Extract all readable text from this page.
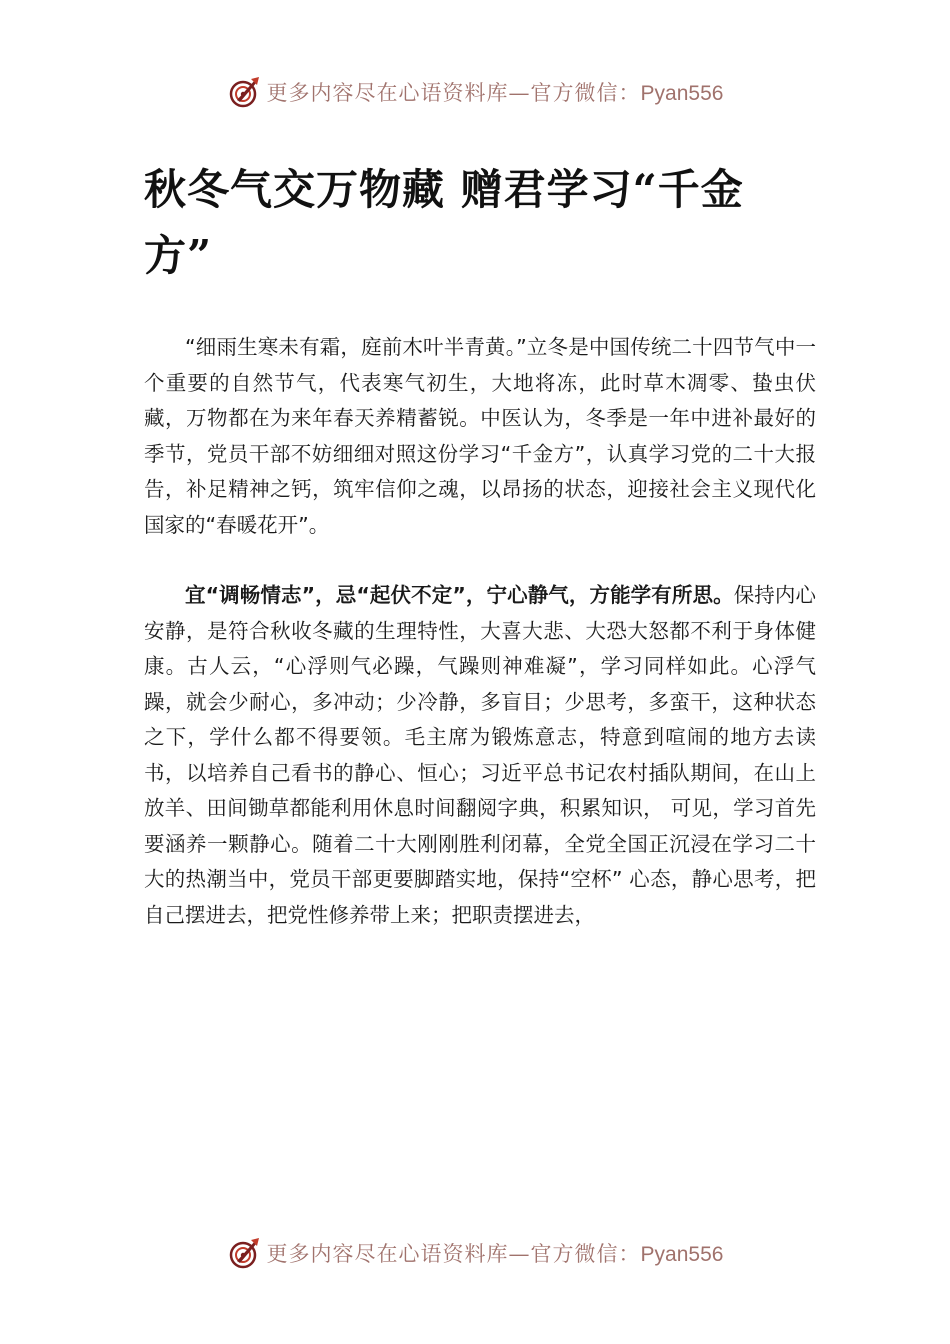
更多内容尽在心语资料库—官方微信：Pyan556
秋冬气交万物藏 赠君学习“千金方”

“细雨生寒未有霜，庭前木叶半青黄。”立冬是中国传统二十四节气中一个重要的自然节气，代表寒气初生，大地将冻，此时草木凋零、蛰虫伏藏，万物都在为来年春天养精蓄锐。中医认为，冬季是一年中进补最好的季节，党员干部不妨细细对照这份学习“千金方”，认真学习党的二十大报告，补足精神之钙，筑牢信仰之魂，以昂扬的状态，迎接社会主义现代化国家的“春暖花开”。

宜“调畅情志”，忌“起伏不定”，宁心静气，方能学有所思。保持内心安静，是符合秋收冬藏的生理特性，大喜大悲、大恐大怒都不利于身体健康。古人云，“心浮则气必躁，气躁则神难凝”，学习同样如此。心浮气躁，就会少耐心，多冲动；少冷静，多盲目；少思考，多蛮干，这种状态之下，学什么都不得要领。毛主席为锻炼意志，特意到喧闹的地方去读书，以培养自己看书的静心、恒心；习近平总书记农村插队期间，在山上放羊、田间锄草都能利用休息时间翻阅字典，积累知识， 可见，学习首先要涵养一颗静心。随着二十大刚刚胜利闭幕，全党全国正沉浸在学习二十大的热潮当中，党员干部更要脚踏实地，保持“空杯” 心态，静心思考，把自己摆进去，把党性修养带上来；把职责摆进去，

更多内容尽在心语资料库—官方微信：Pyan556
